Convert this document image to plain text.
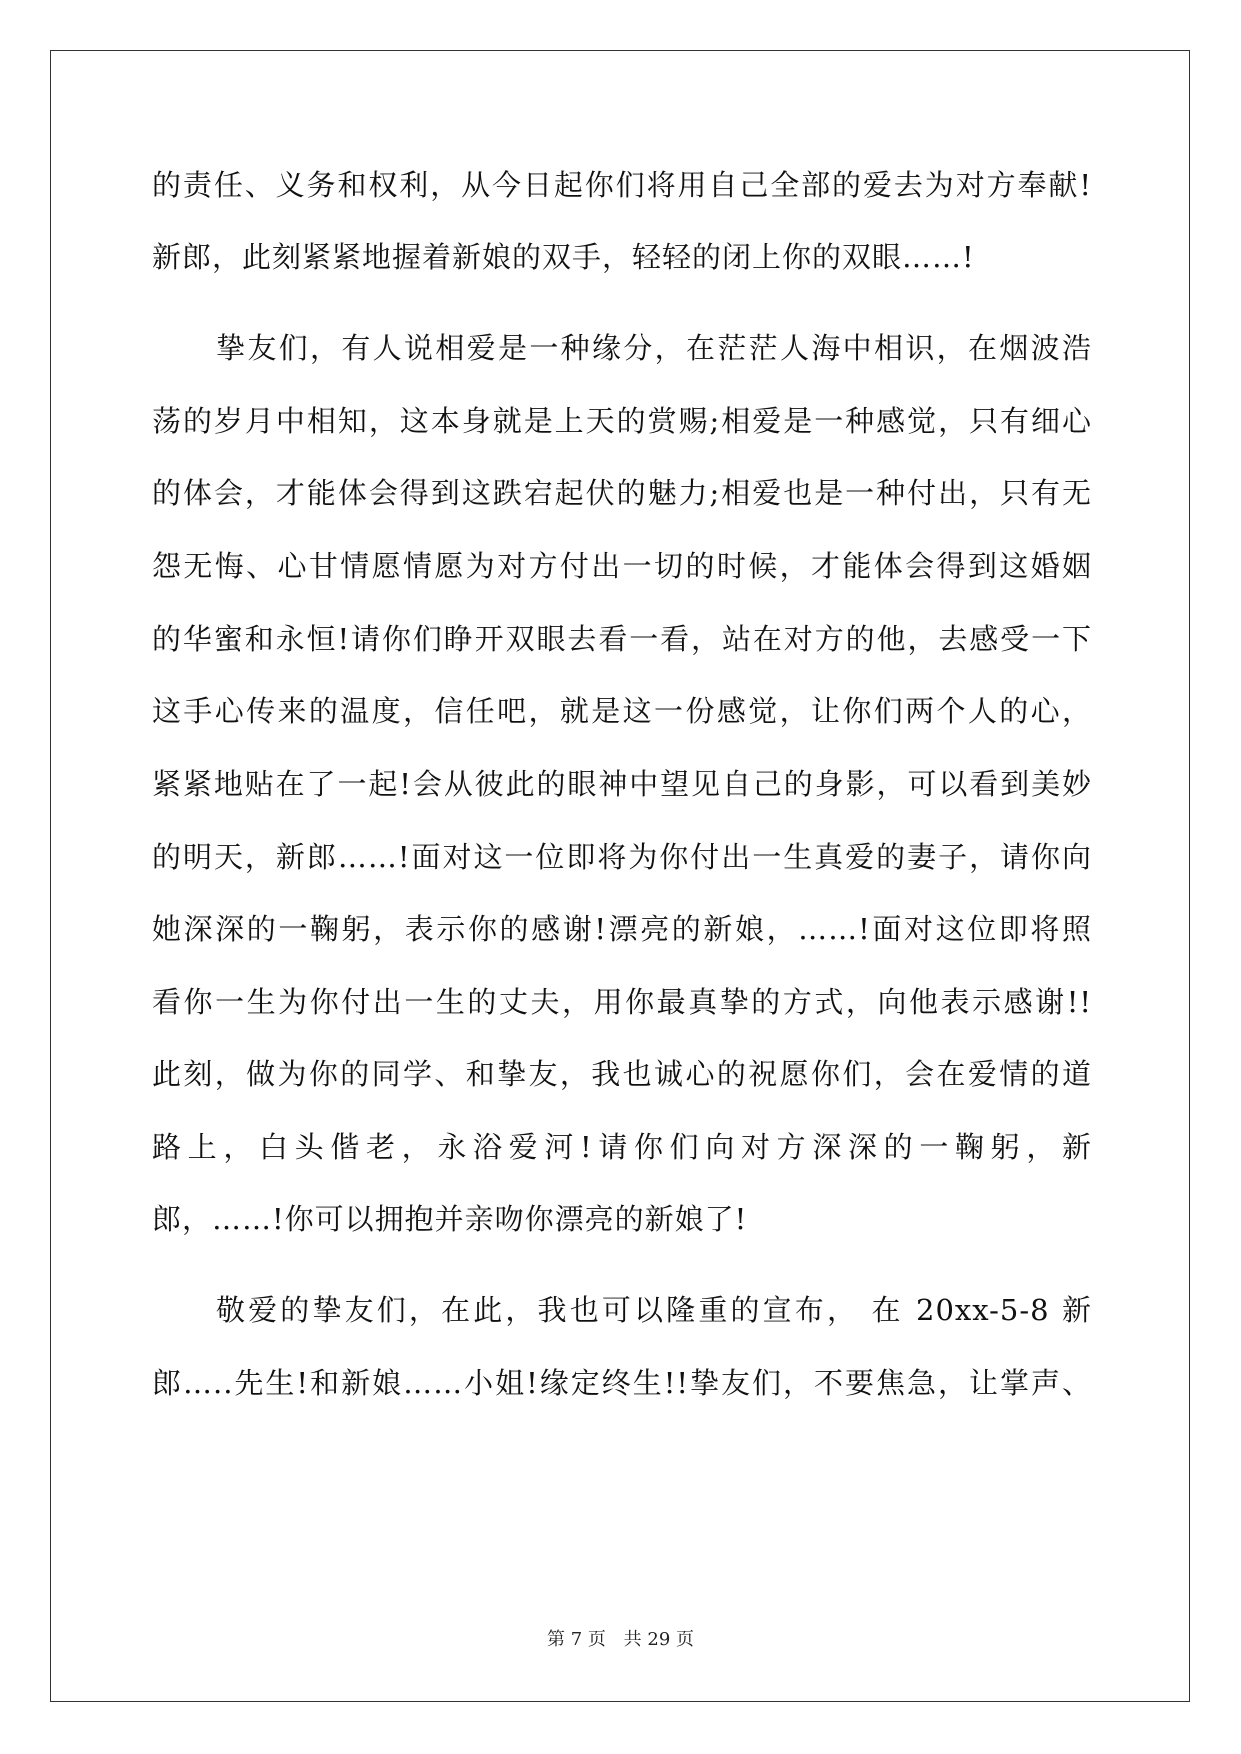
的责任、义务和权利，从今日起你们将用自己全部的爱去为对方奉献!
新郎，此刻紧紧地握着新娘的双手，轻轻的闭上你的双眼……!
挚友们，有人说相爱是一种缘分，在茫茫人海中相识，在烟波浩
荡的岁月中相知，这本身就是上天的赏赐;相爱是一种感觉，只有细心
的体会，才能体会得到这跌宕起伏的魅力;相爱也是一种付出，只有无
怨无悔、心甘情愿情愿为对方付出一切的时候，才能体会得到这婚姻
的华蜜和永恒!请你们睁开双眼去看一看，站在对方的他，去感受一下
这手心传来的温度，信任吧，就是这一份感觉，让你们两个人的心，
紧紧地贴在了一起!会从彼此的眼神中望见自己的身影，可以看到美妙
的明天，新郎……!面对这一位即将为你付出一生真爱的妻子，请你向
她深深的一鞠躬，表示你的感谢!漂亮的新娘，……!面对这位即将照
看你一生为你付出一生的丈夫，用你最真挚的方式，向他表示感谢!!
此刻，做为你的同学、和挚友，我也诚心的祝愿你们，会在爱情的道
路上，白头偕老，永浴爱河!请你们向对方深深的一鞠躬，新
郎，……!你可以拥抱并亲吻你漂亮的新娘了!
敬爱的挚友们，在此，我也可以隆重的宣布， 在 20xx-5-8 新
郎…..先生!和新娘……小姐!缘定终生!!挚友们，不要焦急，让掌声、
第 7 页 共 29 页
